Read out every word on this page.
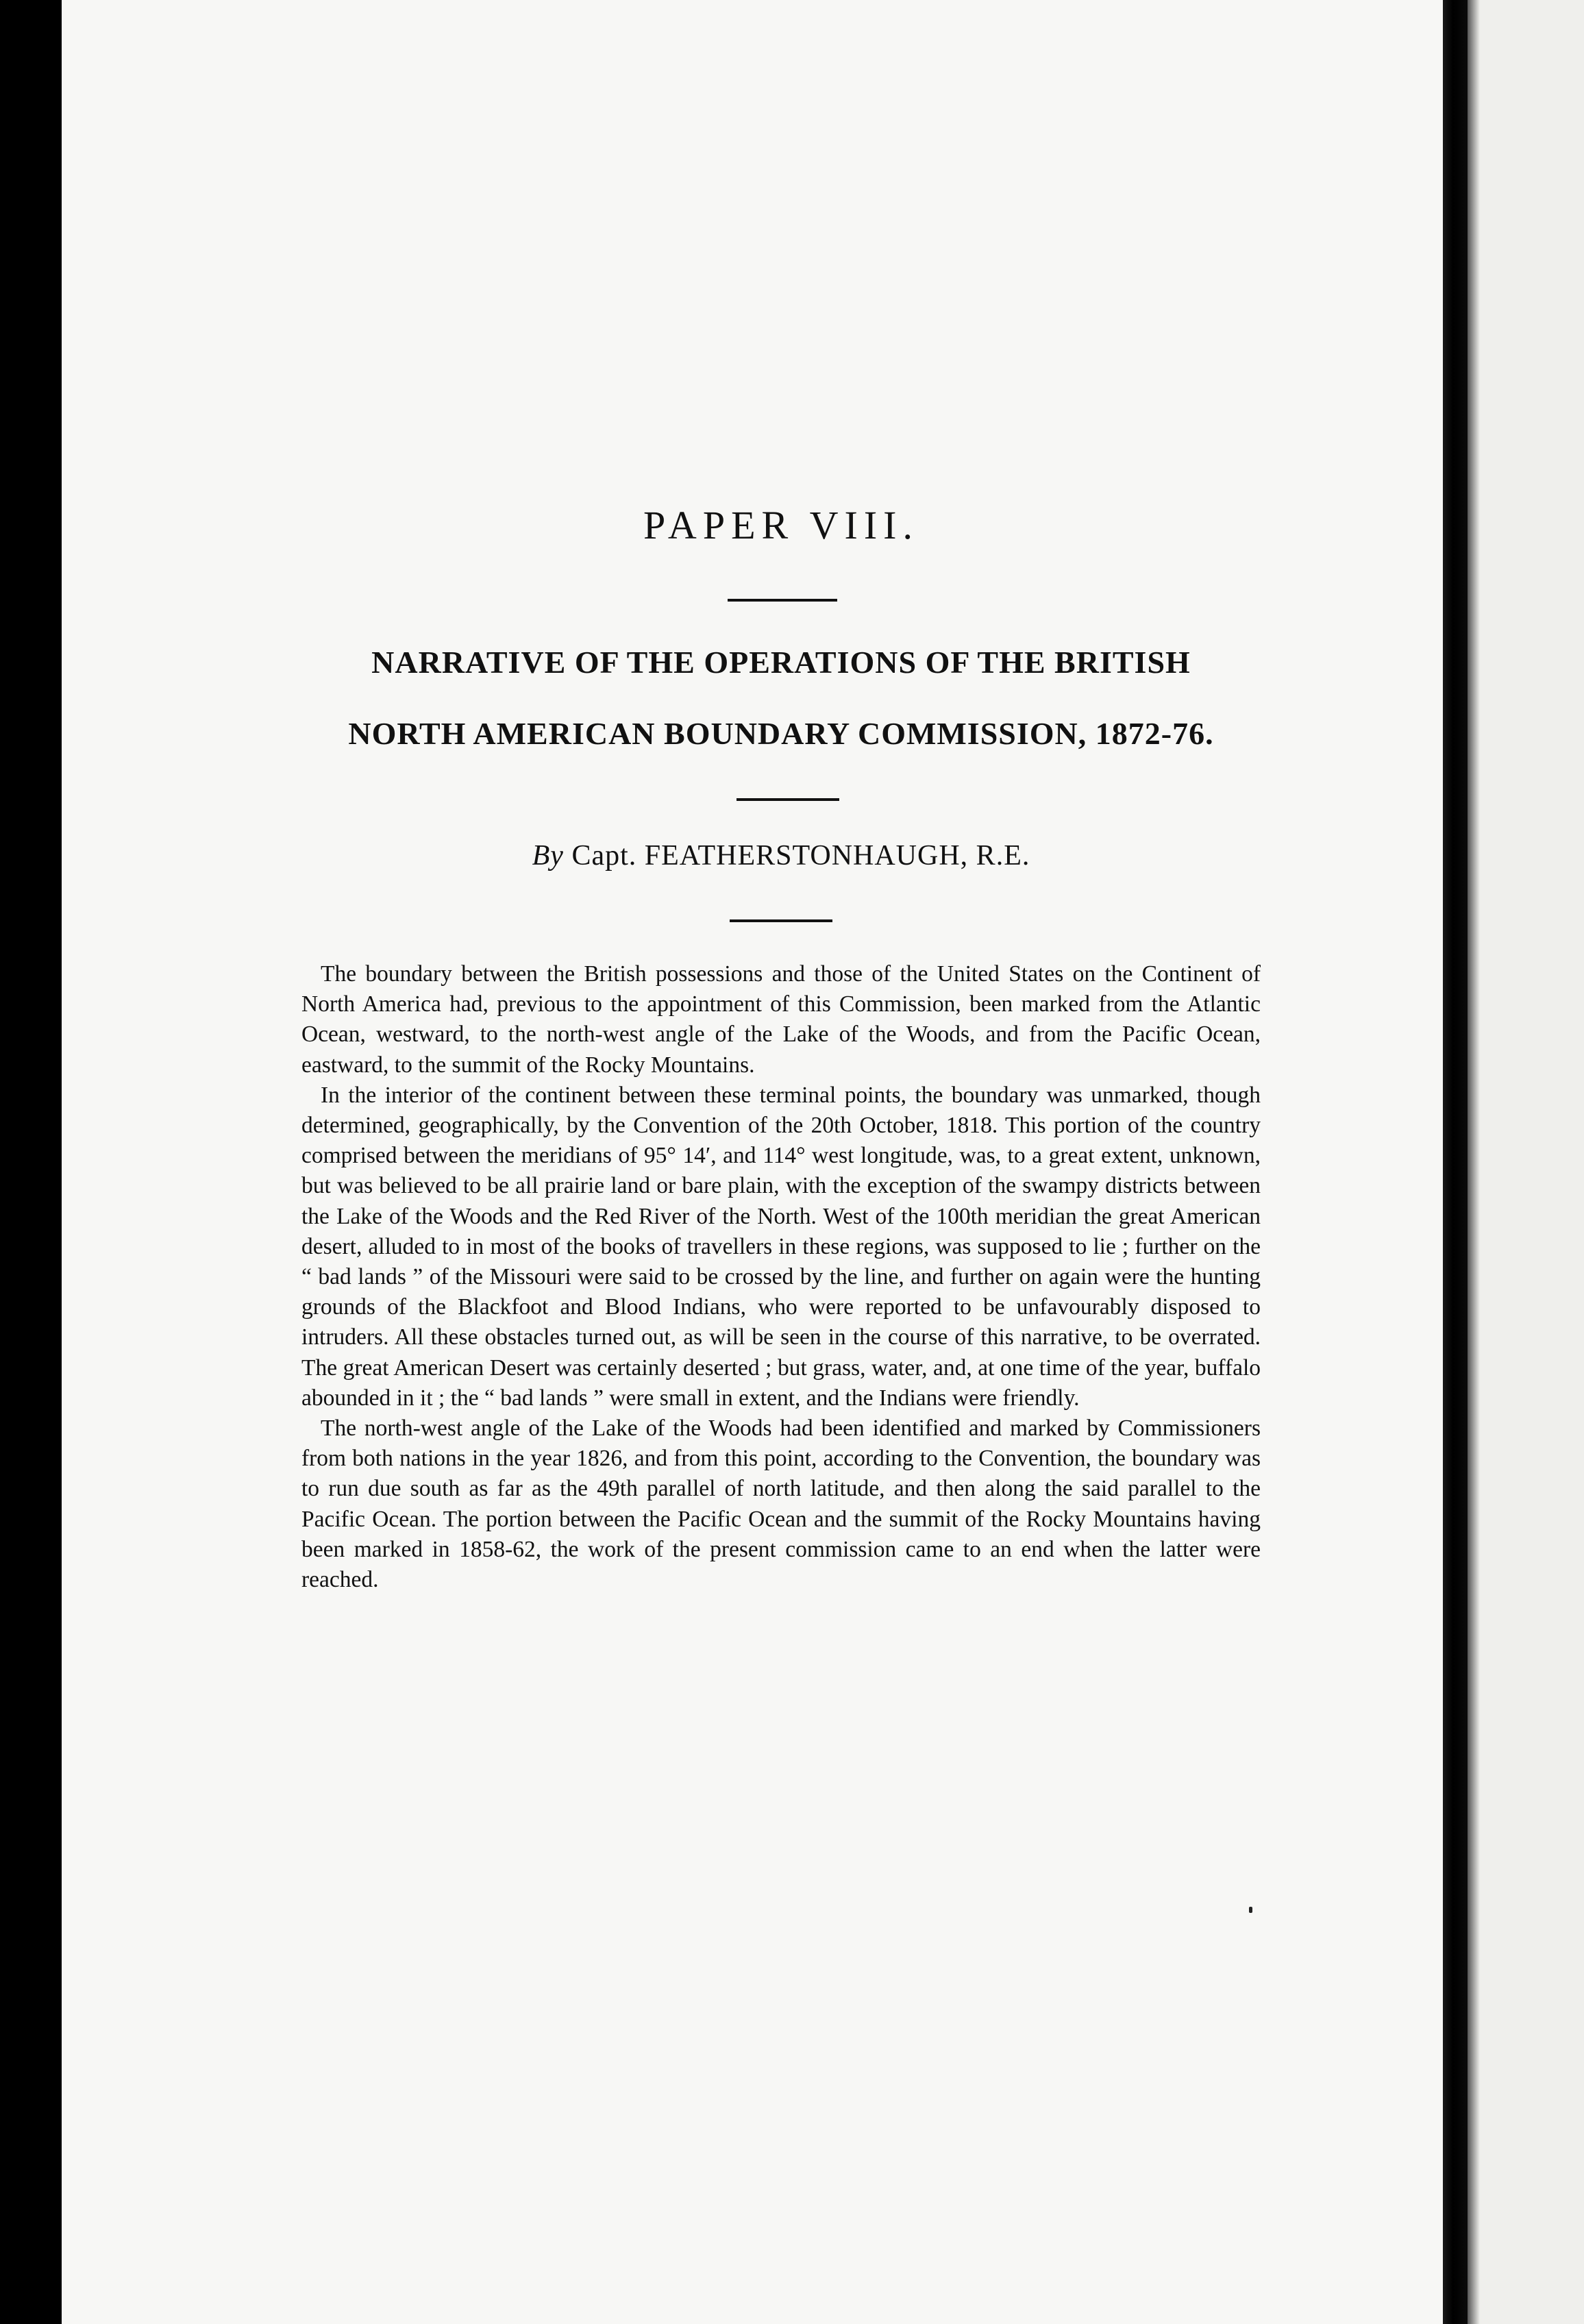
PAPER VIII.
NARRATIVE OF THE OPERATIONS OF THE BRITISH
NORTH AMERICAN BOUNDARY COMMISSION, 1872-76.
By Capt. FEATHERSTONHAUGH, R.E.

The boundary between the British possessions and those of the United States on the Continent of North America had, previous to the appointment of this Commission, been marked from the Atlantic Ocean, westward, to the north-west angle of the Lake of the Woods, and from the Pacific Ocean, eastward, to the summit of the Rocky Mountains.

In the interior of the continent between these terminal points, the boundary was unmarked, though determined, geographically, by the Convention of the 20th October, 1818. This portion of the country comprised between the meridians of 95° 14′, and 114° west longitude, was, to a great extent, unknown, but was believed to be all prairie land or bare plain, with the exception of the swampy districts between the Lake of the Woods and the Red River of the North. West of the 100th meridian the great American desert, alluded to in most of the books of travellers in these regions, was supposed to lie ; further on the “ bad lands ” of the Missouri were said to be crossed by the line, and further on again were the hunting grounds of the Blackfoot and Blood Indians, who were reported to be unfavourably disposed to intruders. All these obstacles turned out, as will be seen in the course of this narrative, to be overrated. The great American Desert was certainly deserted ; but grass, water, and, at one time of the year, buffalo abounded in it ; the “ bad lands ” were small in extent, and the Indians were friendly.

The north-west angle of the Lake of the Woods had been identified and marked by Commissioners from both nations in the year 1826, and from this point, according to the Convention, the boundary was to run due south as far as the 49th parallel of north latitude, and then along the said parallel to the Pacific Ocean. The portion between the Pacific Ocean and the summit of the Rocky Mountains having been marked in 1858-62, the work of the present commission came to an end when the latter were reached.
